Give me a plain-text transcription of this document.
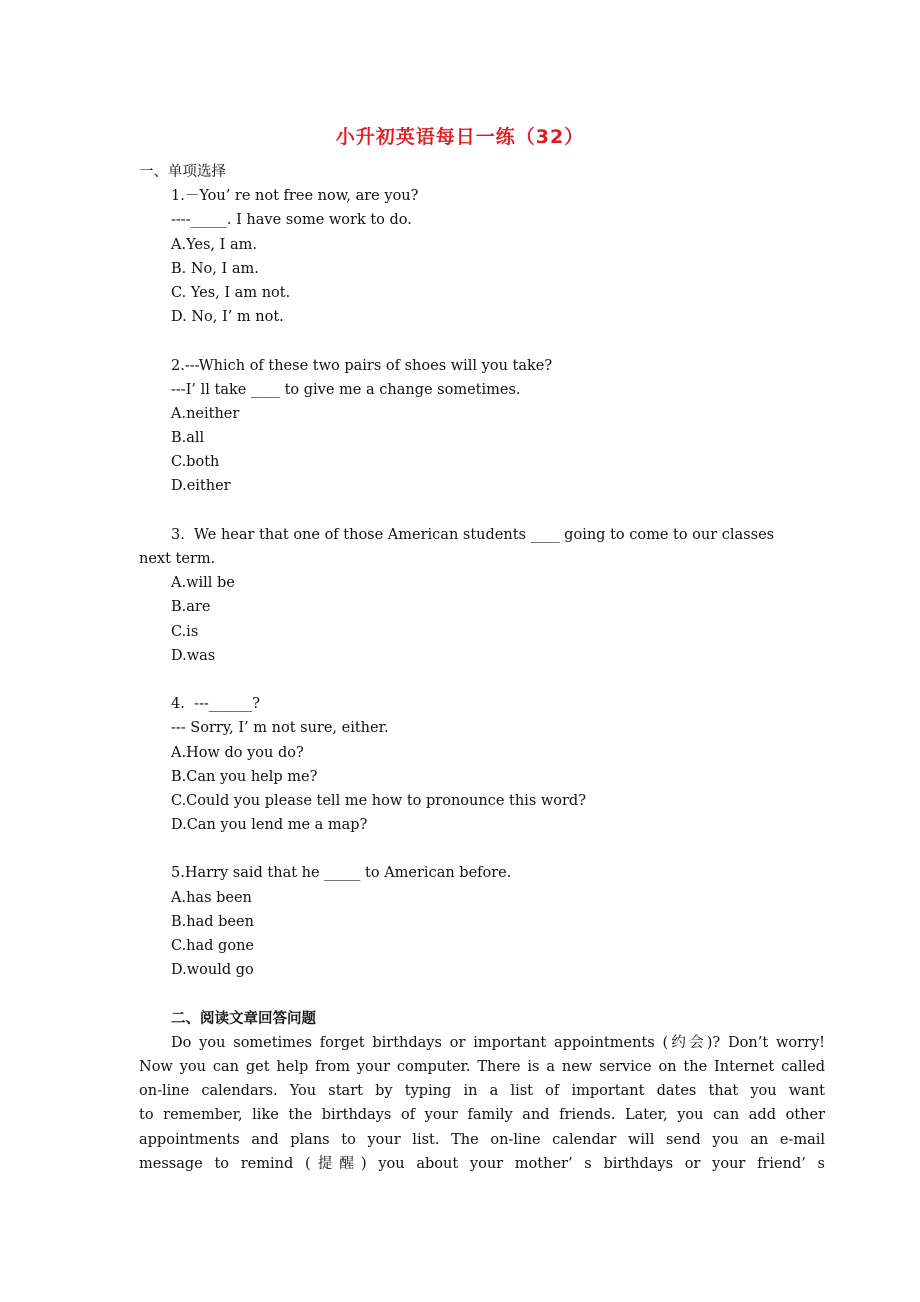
小升初英语每日一练（32）
一、单项选择
1.－You’ re not free now, are you?
----_____. I have some work to do.
A.Yes, I am.
B. No, I am.
C. Yes, I am not.
D. No, I’ m not.
2.---Which of these two pairs of shoes will you take?
---I’ ll take ____ to give me a change sometimes.
A.neither
B.all
C.both
D.either
3.  We hear that one of those American students ____ going to come to our classes
next term.
A.will be
B.are
C.is
D.was
4.  ---______?
--- Sorry, I’ m not sure, either.
A.How do you do?
B.Can you help me?
C.Could you please tell me how to pronounce this word?
D.Can you lend me a map?
5.Harry said that he _____ to American before.
A.has been
B.had been
C.had gone
D.would go
二、阅读文章回答问题
Do you sometimes forget birthdays or important appointments (约会)? Don’t worry!
Now you can get help from your computer. There is a new service on the Internet called
on-line calendars. You start by typing in a list of important dates that you want
to remember, like the birthdays of your family and friends. Later, you can add other
appointments and plans to your list. The on-line calendar will send you an e-mail
message to remind (提醒) you about your mother’ s birthdays or your friend’ s
